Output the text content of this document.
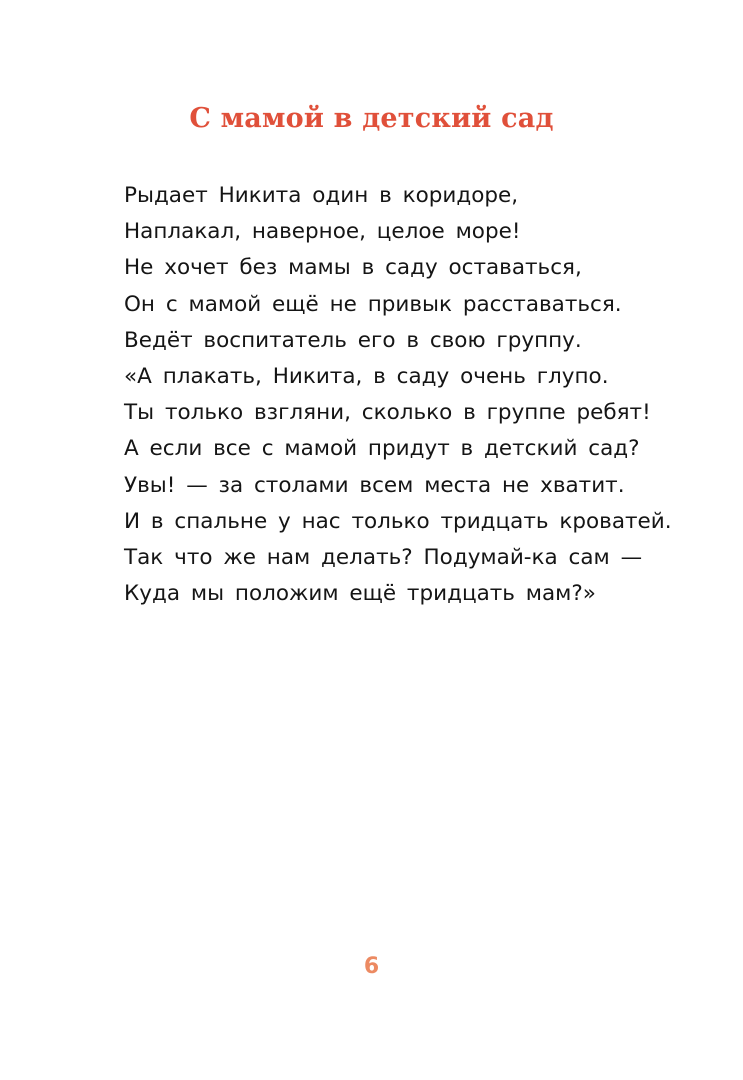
С мамой в детский сад
Рыдает Никита один в коридоре,
Наплакал, наверное, целое море!
Не хочет без мамы в саду оставаться,
Он с мамой ещё не привык расставаться.
Ведёт воспитатель его в свою группу.
«А плакать, Никита, в саду очень глупо.
Ты только взгляни, сколько в группе ребят!
А если все с мамой придут в детский сад?
Увы! — за столами всем места не хватит.
И в спальне у нас только тридцать кроватей.
Так что же нам делать? Подумай-ка сам —
Куда мы положим ещё тридцать мам?»
6
